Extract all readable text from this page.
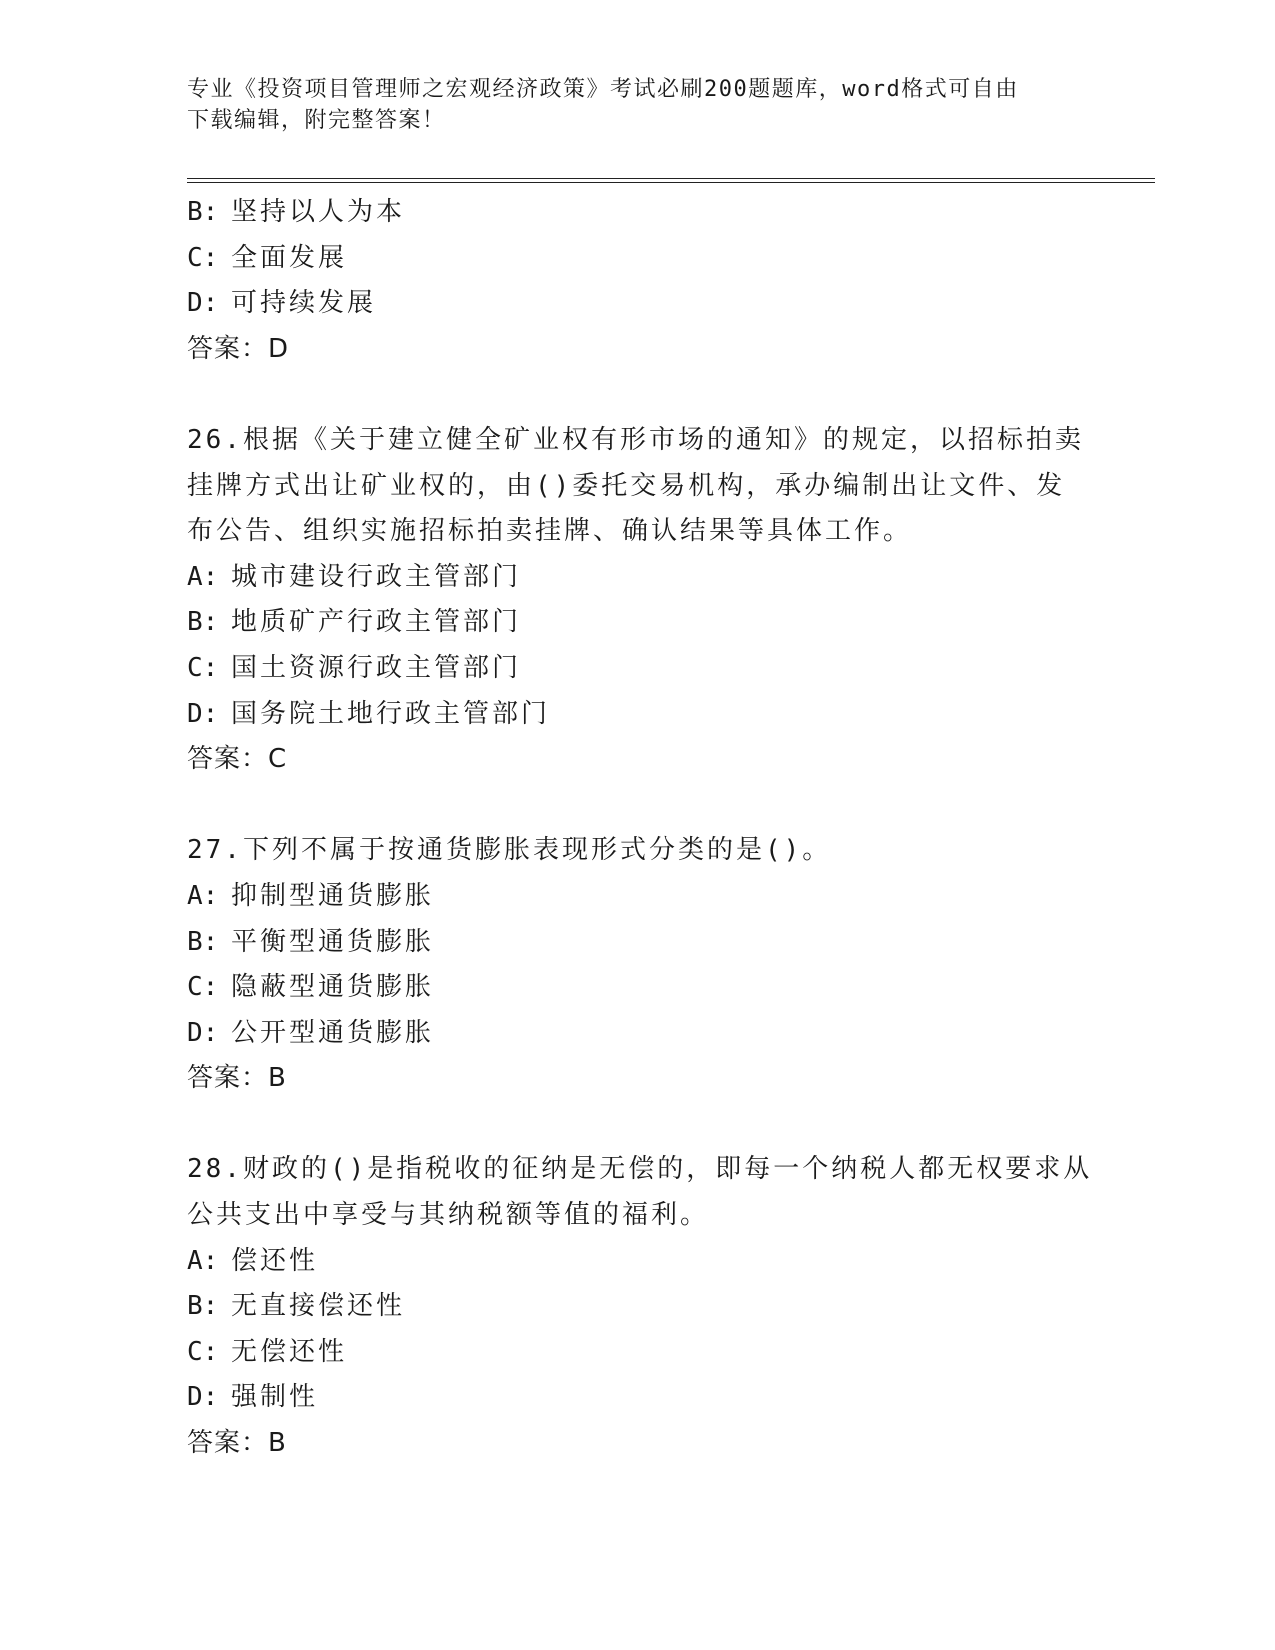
专业《投资项目管理师之宏观经济政策》考试必刷200题题库，word格式可自由
下载编辑，附完整答案！
B: 坚持以人为本
C: 全面发展
D: 可持续发展
答案：D
26.根据《关于建立健全矿业权有形市场的通知》的规定，以招标拍卖
挂牌方式出让矿业权的，由()委托交易机构，承办编制出让文件、发
布公告、组织实施招标拍卖挂牌、确认结果等具体工作。
A: 城市建设行政主管部门
B: 地质矿产行政主管部门
C: 国土资源行政主管部门
D: 国务院土地行政主管部门
答案：C
27.下列不属于按通货膨胀表现形式分类的是()。
A: 抑制型通货膨胀
B: 平衡型通货膨胀
C: 隐蔽型通货膨胀
D: 公开型通货膨胀
答案：B
28.财政的()是指税收的征纳是无偿的，即每一个纳税人都无权要求从
公共支出中享受与其纳税额等值的福利。
A: 偿还性
B: 无直接偿还性
C: 无偿还性
D: 强制性
答案：B
